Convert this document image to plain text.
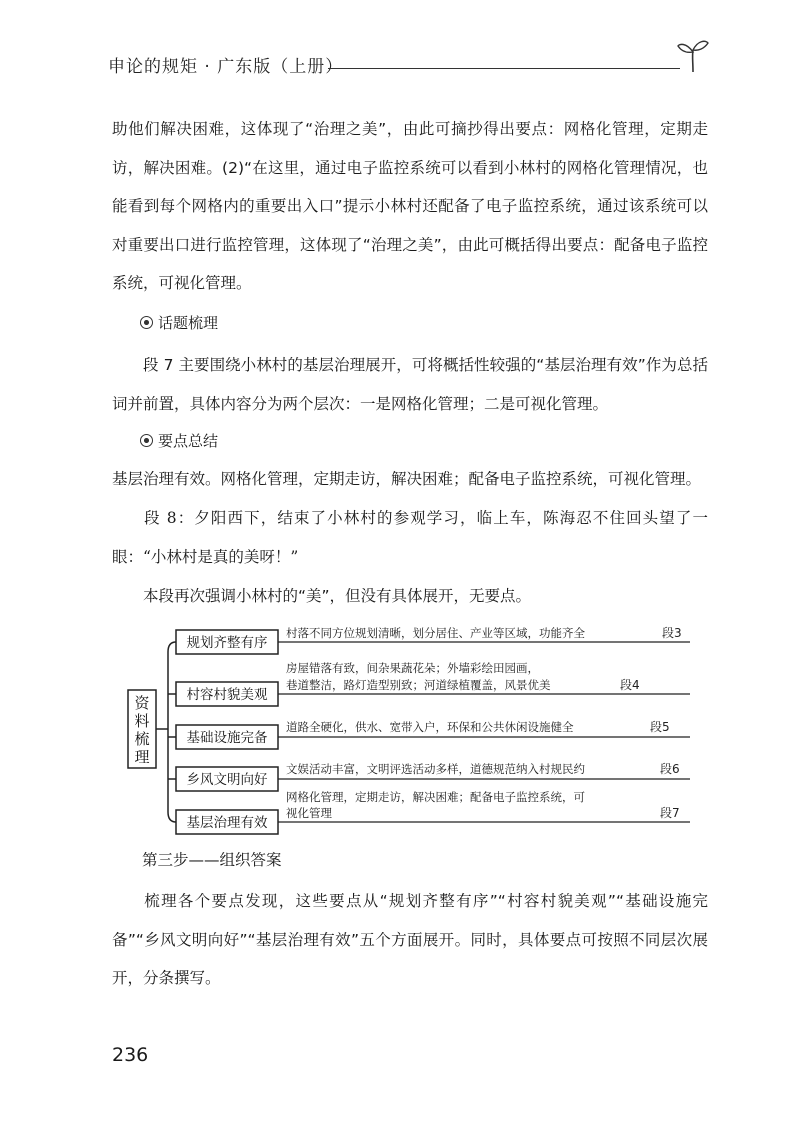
申论的规矩 · 广东版（上册）

助他们解决困难，这体现了“治理之美”，由此可摘抄得出要点：网格化管理，定期走访，解决困难。(2)“在这里，通过电子监控系统可以看到小林村的网格化管理情况，也能看到每个网格内的重要出入口”提示小林村还配备了电子监控系统，通过该系统可以对重要出口进行监控管理，这体现了“治理之美”，由此可概括得出要点：配备电子监控系统，可视化管理。

话题梳理

段 7 主要围绕小林村的基层治理展开，可将概括性较强的“基层治理有效”作为总括词并前置，具体内容分为两个层次：一是网格化管理；二是可视化管理。

要点总结

基层治理有效。网格化管理，定期走访，解决困难；配备电子监控系统，可视化管理。

段 8：夕阳西下，结束了小林村的参观学习，临上车，陈海忍不住回头望了一眼：“小林村是真的美呀！”

本段再次强调小林村的“美”，但没有具体展开，无要点。

资
料
梳
理
规划齐整有序
村落不同方位规划清晰，划分居住、产业等区域，功能齐全	段3
村容村貌美观
房屋错落有致，间杂果蔬花朵；外墙彩绘田园画，
巷道整洁，路灯造型别致；河道绿植覆盖，风景优美	段4
基础设施完备
道路全硬化，供水、宽带入户，环保和公共休闲设施健全	段5
乡风文明向好
文娱活动丰富，文明评选活动多样，道德规范纳入村规民约	段6
基层治理有效
网格化管理，定期走访，解决困难；配备电子监控系统，可
视化管理	段7

第三步——组织答案

梳理各个要点发现，这些要点从“规划齐整有序”“村容村貌美观”“基础设施完备”“乡风文明向好”“基层治理有效”五个方面展开。同时，具体要点可按照不同层次展开，分条撰写。

236
